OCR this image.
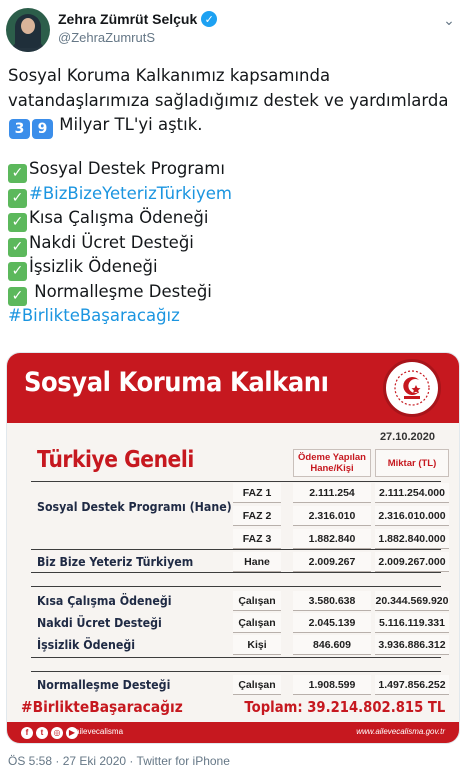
Zehra Zümrüt Selçuk ✓
@ZehraZumrutS
⌄

Sosyal Koruma Kalkanımız kapsamında vatandaşlarımıza sağladığımız destek ve yardımlarda 3 9 Milyar TL'yi aştık.

✓ Sosyal Destek Programı
✓ #BizBizeYeterizTürkiyem
✓ Kısa Çalışma Ödeneği
✓ Nakdi Ücret Desteği
✓ İşsizlik Ödeneği
✓ Normalleşme Desteği

#BirlikteBaşaracağız

Sosyal Koruma Kalkanı
27.10.2020
Türkiye Geneli	Ödeme Yapılan Hane/Kişi	Miktar (TL)
Sosyal Destek Programı (Hane)
FAZ 1	2.111.254	2.111.254.000
FAZ 2	2.316.010	2.316.010.000
FAZ 3	1.882.840	1.882.840.000
Biz Bize Yeteriz Türkiyem	Hane	2.009.267	2.009.267.000
Kısa Çalışma Ödeneği	Çalışan	3.580.638	20.344.569.920
Nakdi Ücret Desteği	Çalışan	2.045.139	5.116.119.331
İşsizlik Ödeneği	Kişi	846.609	3.936.886.312
Normalleşme Desteği	Çalışan	1.908.599	1.497.856.252
#BirlikteBaşaracağız	Toplam: 39.214.802.815 TL
f	t	◎	▶ ailevecalisma	www.ailevecalisma.gov.tr
ÖS 5:58 · 27 Eki 2020 · Twitter for iPhone
